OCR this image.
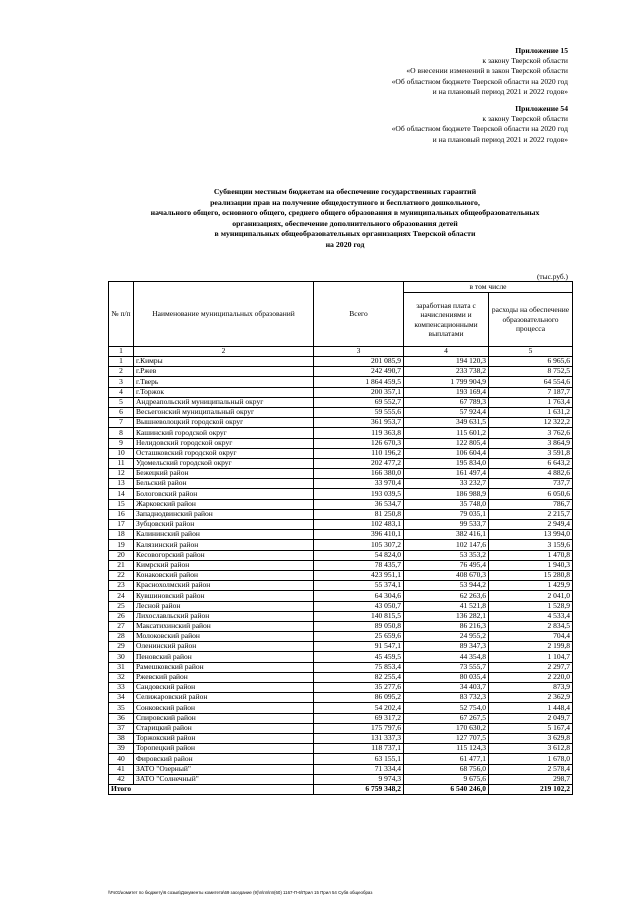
Приложение 15
к закону Тверской области
«О внесении изменений в закон Тверской области
«Об областном бюджете Тверской области на 2020 год
и на плановый период 2021 и 2022 годов»
Приложение 54
к закону Тверской области
«Об областном бюджете Тверской области на 2020 год
и на плановый период 2021 и 2022 годов»
Субвенции местным бюджетам на обеспечение государственных гарантий
реализации прав на получение общедоступного и бесплатного дошкольного,
начального общего, основного общего, среднего общего образования в муниципальных общеобразовательных
организациях, обеспечение дополнительного образования детей
в муниципальных общеобразовательных организациях Тверской области
на 2020 год
(тыс.руб.)
№ п/п	Наименование муниципальных образований	Всего	в том числе	
			заработная плата с начислениями и компенсационными выплатами	расходы на обеспечение образовательного процесса
1	2	3	4	5
1	г.Кимры	201 085,9	194 120,3	6 965,6
2	г.Ржев	242 490,7	233 738,2	8 752,5
3	г.Тверь	1 864 459,5	1 799 904,9	64 554,6
4	г.Торжок	200 357,1	193 169,4	7 187,7
5	Андреапольский муниципальный округ	69 552,7	67 789,3	1 763,4
6	Весьегонский муниципальный округ	59 555,6	57 924,4	1 631,2
7	Вышневолоцкий городской округ	361 953,7	349 631,5	12 322,2
8	Кашинский городской округ	119 363,8	115 601,2	3 762,6
9	Нелидовский городской округ	126 670,3	122 805,4	3 864,9
10	Осташковский городской округ	110 196,2	106 604,4	3 591,8
11	Удомельский городской округ	202 477,2	195 834,0	6 643,2
12	Бежецкий район	166 380,0	161 497,4	4 882,6
13	Бельский район	33 970,4	33 232,7	737,7
14	Бологовский район	193 039,5	186 988,9	6 050,6
15	Жарковский район	36 534,7	35 748,0	786,7
16	Западнодвинский район	81 250,8	79 035,1	2 215,7
17	Зубцовский район	102 483,1	99 533,7	2 949,4
18	Калининский район	396 410,1	382 416,1	13 994,0
19	Калязинский район	105 307,2	102 147,6	3 159,6
20	Кесовогорский район	54 824,0	53 353,2	1 470,8
21	Кимрский район	78 435,7	76 495,4	1 940,3
22	Конаковский район	423 951,1	408 670,3	15 280,8
23	Краснохолмский район	55 374,1	53 944,2	1 429,9
24	Кувшиновский район	64 304,6	62 263,6	2 041,0
25	Лесной район	43 050,7	41 521,8	1 528,9
26	Лихославльский район	140 815,5	136 282,1	4 533,4
27	Максатихинский район	89 050,8	86 216,3	2 834,5
28	Молоковский район	25 659,6	24 955,2	704,4
29	Оленинский район	91 547,1	89 347,3	2 199,8
30	Пеновский район	45 459,5	44 354,8	1 104,7
31	Рамешковский район	75 853,4	73 555,7	2 297,7
32	Ржевский район	82 255,4	80 035,4	2 220,0
33	Сандовский район	35 277,6	34 403,7	873,9
34	Селижаровский район	86 095,2	83 732,3	2 362,9
35	Сонковский район	54 202,4	52 754,0	1 448,4
36	Спировский район	69 317,2	67 267,5	2 049,7
37	Старицкий район	175 797,6	170 630,2	5 167,4
38	Торжокский район	131 337,3	127 707,5	3 629,8
39	Торопецкий район	118 737,1	115 124,3	3 612,8
40	Фировский район	63 155,1	61 477,1	1 678,0
41	ЗАТО "Озерный"	71 334,4	68 756,0	2 578,4
42	ЗАТО "Солнечный"	9 974,3	9 675,6	298,7
Итого		6 759 348,2	6 540 246,0	219 102,2
\\Fs01\комитет по бюджету\6 созыв\Документы комитета\69 заседание (9)\п\пп\пп(60) 1167-П-6\Прил 15 Прил 54 Субв общеобраз
